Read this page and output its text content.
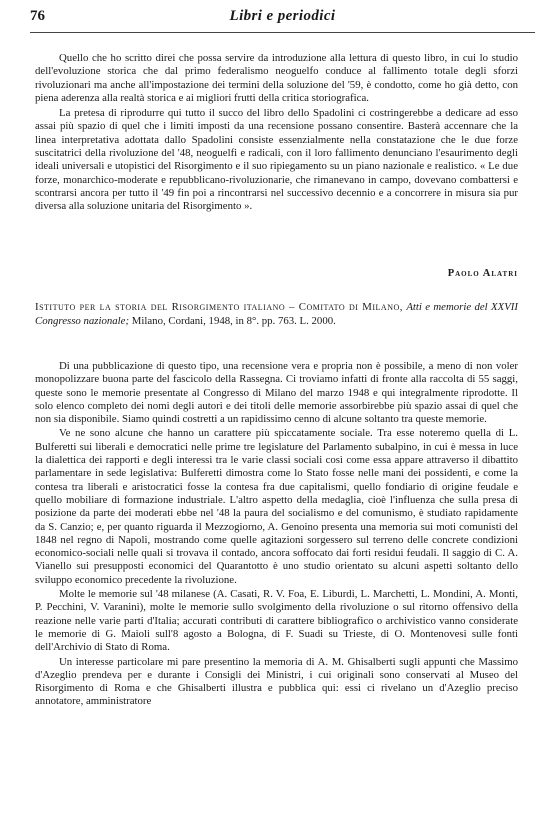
76	Libri e periodici

Quello che ho scritto direi che possa servire da introduzione alla lettura di questo libro, in cui lo studio dell'evoluzione storica che dal primo federalismo neoguelfo conduce al fallimento totale degli sforzi rivoluzionari ma anche all'impostazione dei termini della soluzione del '59, è condotto, come ho già detto, con piena aderenza alla realtà storica e ai migliori frutti della critica storiografica.

La pretesa di riprodurre qui tutto il succo del libro dello Spadolini ci costringerebbe a dedicare ad esso assai più spazio di quel che i limiti imposti da una recensione possano consentire. Basterà accennare che la linea interpretativa adottata dallo Spadolini consiste essenzialmente nella constatazione che le due forze suscitatrici della rivoluzione del '48, neoguelfi e radicali, con il loro fallimento denunciano l'esaurimento degli ideali universali e utopistici del Risorgimento e il suo ripiegamento su un piano nazionale e realistico. « Le due forze, monarchico-moderate e repubblicano-rivoluzionarie, che rimanevano in campo, dovevano combattersi e scontrarsi ancora per tutto il '49 fin poi a rincontrarsi nel successivo decennio e a concorrere in misura sia pur diversa alla soluzione unitaria del Risorgimento ».

Paolo Alatri
Istituto per la storia del Risorgimento italiano – Comitato di Milano, Atti e memorie del XXVII Congresso nazionale; Milano, Cordani, 1948, in 8°. pp. 763. L. 2000.

Di una pubblicazione di questo tipo, una recensione vera e propria non è possibile, a meno di non voler monopolizzare buona parte del fascicolo della Rassegna. Ci troviamo infatti di fronte alla raccolta di 55 saggi, queste sono le memorie presentate al Congresso di Milano del marzo 1948 e qui integralmente riprodotte. Il solo elenco completo dei nomi degli autori e dei titoli delle memorie assorbirebbe più spazio assai di quel che non sia disponibile. Siamo quindi costretti a un rapidissimo cenno di alcune soltanto tra queste memorie.

Ve ne sono alcune che hanno un carattere più spiccatamente sociale. Tra esse noteremo quella di L. Bulferetti sui liberali e democratici nelle prime tre legislature del Parlamento subalpino, in cui è messa in luce la dialettica dei rapporti e degli interessi tra le varie classi sociali così come essa appare attraverso il dibattito parlamentare in sede legislativa: Bulferetti dimostra come lo Stato fosse nelle mani dei possidenti, e come la contesa tra liberali e aristocratici fosse la contesa fra due capitalismi, quello fondiario di origine feudale e quello mobiliare di formazione industriale. L'altro aspetto della medaglia, cioè l'influenza che sulla presa di posizione da parte dei moderati ebbe nel '48 la paura del socialismo e del comunismo, è studiato rapidamente da S. Canzio; e, per quanto riguarda il Mezzogiorno, A. Genoino presenta una memoria sui moti comunisti del 1848 nel regno di Napoli, mostrando come quelle agitazioni sorgessero sul terreno delle concrete condizioni economico-sociali nelle quali si trovava il contado, ancora soffocato dai forti residui feudali. Il saggio di C. A. Vianello sui presupposti economici del Quarantotto è uno studio orientato su alcuni aspetti soltanto dello sviluppo economico precedente la rivoluzione.

Molte le memorie sul '48 milanese (A. Casati, R. V. Foa, E. Liburdi, L. Marchetti, L. Mondini, A. Monti, P. Pecchini, V. Varanini), molte le memorie sullo svolgimento della rivoluzione o sul ritorno offensivo della reazione nelle varie parti d'Italia; accurati contributi di carattere bibliografico o archivistico vanno considerate le memorie di G. Maioli sull'8 agosto a Bologna, di F. Suadi su Trieste, di O. Montenovesi sulle fonti dell'Archivio di Stato di Roma.

Un interesse particolare mi pare presentino la memoria di A. M. Ghisalberti sugli appunti che Massimo d'Azeglio prendeva per e durante i Consigli dei Ministri, i cui originali sono conservati al Museo del Risorgimento di Roma e che Ghisalberti illustra e pubblica qui: essi ci rivelano un d'Azeglio preciso annotatore, amministratore
